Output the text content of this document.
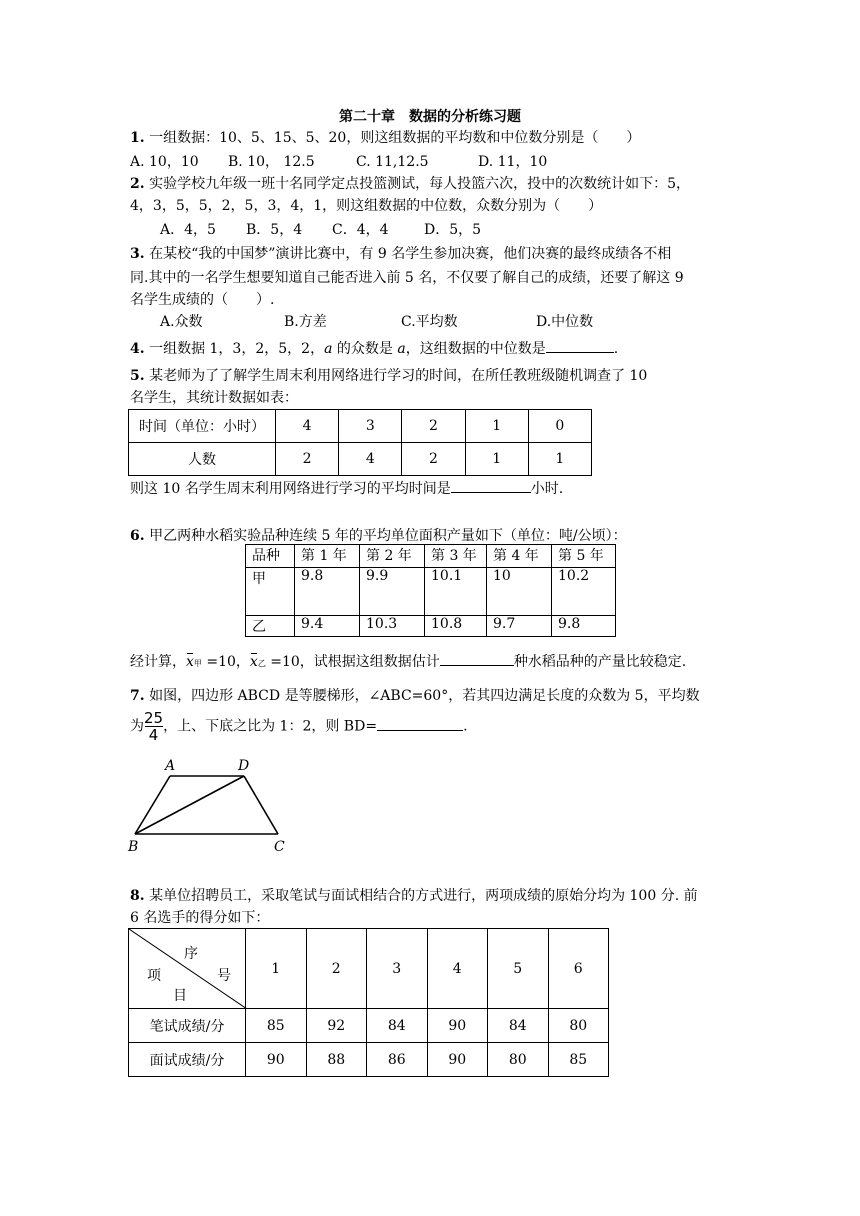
第二十章　数据的分析练习题
1. 一组数据：10、5、15、5、20，则这组数据的平均数和中位数分别是（　　）
A. 10，10 B. 10， 12.5	C. 11,12.5	D. 11，10
2. 实验学校九年级一班十名同学定点投篮测试，每人投篮六次，投中的次数统计如下：5，
4，3，5，5，2，5，3，4，1，则这组数据的中位数，众数分别为（　　）
A．4，5 B．5，4 C．4，4	D．5，5
3. 在某校“我的中国梦”演讲比赛中，有 9 名学生参加决赛，他们决赛的最终成绩各不相
同.其中的一名学生想要知道自己能否进入前 5 名，不仅要了解自己的成绩，还要了解这 9
名学生成绩的（　　）.
A.众数	B.方差	C.平均数	D.中位数
4. 一组数据 1，3，2，5，2，a 的众数是 a，这组数据的中位数是	.
5. 某老师为了了解学生周末利用网络进行学习的时间，在所任教班级随机调查了 10
名学生，其统计数据如表：
时间（单位：小时）	4	3	2	1	0
人数	2	4	2	1	1
则这 10 名学生周末利用网络进行学习的平均时间是	小时.
6. 甲乙两种水稻实验品种连续 5 年的平均单位面积产量如下（单位：吨/公顷）：
品种	第 1 年	第 2 年	第 3 年	第 4 年	第 5 年
甲	9.8	9.9	10.1	10	10.2
乙	9.4	10.3	10.8	9.7	9.8
经计算，x甲 =10，x乙 =10，试根据这组数据估计	种水稻品种的产量比较稳定.
7. 如图，四边形 ABCD 是等腰梯形，∠ABC=60°，若其四边满足长度的众数为 5，平均数
为 $\frac{25}{4}$ ，上、下底之比为 1：2，则 BD=	.
A	D
B	C
8. 某单位招聘员工，采取笔试与面试相结合的方式进行，两项成绩的原始分均为 100 分. 前
6 名选手的得分如下：
序
号
项
目	1	2	3	4	5	6
笔试成绩/分	85	92	84	90	84	80
面试成绩/分	90	88	86	90	80	85
